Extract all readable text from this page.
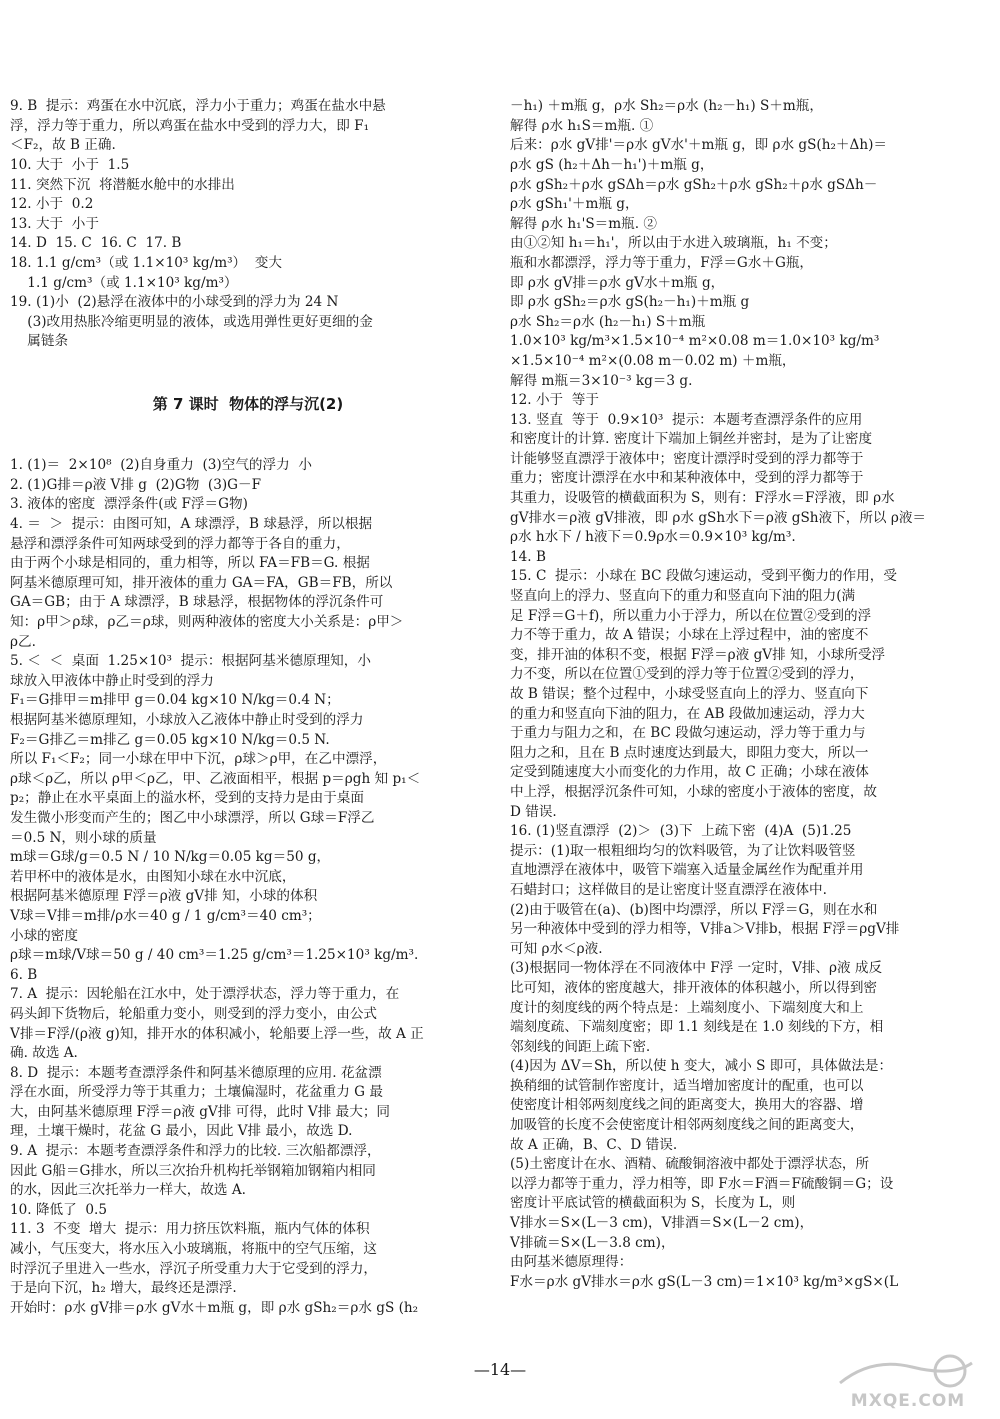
9. B  提示：鸡蛋在水中沉底，浮力小于重力；鸡蛋在盐水中悬
浮，浮力等于重力，所以鸡蛋在盐水中受到的浮力大，即 F₁
＜F₂，故 B 正确.
10. 大于  小于  1.5
11. 突然下沉  将潜艇水舱中的水排出
12. 小于  0.2
13. 大于  小于
14. D  15. C  16. C  17. B
18. 1.1 g/cm³（或 1.1×10³ kg/m³）  变大
1.1 g/cm³（或 1.1×10³ kg/m³）
19. (1)小  (2)悬浮在液体中的小球受到的浮力为 24 N
(3)改用热胀冷缩更明显的液体，或选用弹性更好更细的金
属链条

第 7 课时  物体的浮与沉(2)

1. (1)＝  2×10⁸  (2)自身重力  (3)空气的浮力  小
2. (1)G排＝ρ液 V排 g  (2)G物  (3)G－F
3. 液体的密度  漂浮条件(或 F浮＝G物)
4. ＝  ＞  提示：由图可知，A 球漂浮，B 球悬浮，所以根据
悬浮和漂浮条件可知两球受到的浮力都等于各自的重力，
由于两个小球是相同的，重力相等，所以 FA＝FB＝G. 根据
阿基米德原理可知，排开液体的重力 GA＝FA，GB＝FB，所以
GA＝GB；由于 A 球漂浮，B 球悬浮，根据物体的浮沉条件可
知：ρ甲＞ρ球，ρ乙＝ρ球，则两种液体的密度大小关系是：ρ甲＞
ρ乙.
5. ＜  ＜  桌面  1.25×10³  提示：根据阿基米德原理知，小
球放入甲液体中静止时受到的浮力
F₁＝G排甲＝m排甲 g＝0.04 kg×10 N/kg＝0.4 N；
根据阿基米德原理知，小球放入乙液体中静止时受到的浮力
F₂＝G排乙＝m排乙 g＝0.05 kg×10 N/kg＝0.5 N.
所以 F₁＜F₂；同一小球在甲中下沉，ρ球＞ρ甲，在乙中漂浮，
ρ球＜ρ乙，所以 ρ甲＜ρ乙，甲、乙液面相平，根据 p＝ρgh 知 p₁＜
p₂；静止在水平桌面上的溢水杯，受到的支持力是由于桌面
发生微小形变而产生的；图乙中小球漂浮，所以 G球＝F浮乙
＝0.5 N，则小球的质量
m球＝G球/g＝0.5 N / 10 N/kg＝0.05 kg＝50 g，
若甲杯中的液体是水，由图知小球在水中沉底，
根据阿基米德原理 F浮＝ρ液 gV排 知，小球的体积
V球＝V排＝m排/ρ水＝40 g / 1 g/cm³＝40 cm³；
小球的密度
ρ球＝m球/V球＝50 g / 40 cm³＝1.25 g/cm³＝1.25×10³ kg/m³.
6. B
7. A  提示：因轮船在江水中，处于漂浮状态，浮力等于重力，在
码头卸下货物后，轮船重力变小，则受到的浮力变小，由公式
V排＝F浮/(ρ液 g)知，排开水的体积减小，轮船要上浮一些，故 A 正
确. 故选 A.
8. D  提示：本题考查漂浮条件和阿基米德原理的应用. 花盆漂
浮在水面，所受浮力等于其重力；土壤偏湿时，花盆重力 G 最
大，由阿基米德原理 F浮＝ρ液 gV排 可得，此时 V排 最大；同
理，土壤干燥时，花盆 G 最小，因此 V排 最小，故选 D.
9. A  提示：本题考查漂浮条件和浮力的比较. 三次船都漂浮，
因此 G船＝G排水，所以三次抬升机构托举钢箱加钢箱内相同
的水，因此三次托举力一样大，故选 A.
10. 降低了  0.5
11. 3  不变  增大  提示：用力挤压饮料瓶，瓶内气体的体积
减小，气压变大，将水压入小玻璃瓶，将瓶中的空气压缩，这
时浮沉子里进入一些水，浮沉子所受重力大于它受到的浮力，
于是向下沉，h₂ 增大，最终还是漂浮.
开始时：ρ水 gV排＝ρ水 gV水＋m瓶 g，即 ρ水 gSh₂＝ρ水 gS (h₂

－h₁) ＋m瓶 g，ρ水 Sh₂＝ρ水 (h₂－h₁) S＋m瓶，
解得 ρ水 h₁S＝m瓶. ①
后来：ρ水 gV排'＝ρ水 gV水'＋m瓶 g，即 ρ水 gS(h₂＋Δh)＝
ρ水 gS (h₂＋Δh－h₁')＋m瓶 g，
ρ水 gSh₂＋ρ水 gSΔh＝ρ水 gSh₂＋ρ水 gSh₂＋ρ水 gSΔh－
ρ水 gSh₁'＋m瓶 g，
解得 ρ水 h₁'S＝m瓶. ②
由①②知 h₁＝h₁'，所以由于水进入玻璃瓶，h₁ 不变；
瓶和水都漂浮，浮力等于重力，F浮＝G水＋G瓶，
即 ρ水 gV排＝ρ水 gV水＋m瓶 g，
即 ρ水 gSh₂＝ρ水 gS(h₂－h₁)＋m瓶 g
ρ水 Sh₂＝ρ水 (h₂－h₁) S＋m瓶
1.0×10³ kg/m³×1.5×10⁻⁴ m²×0.08 m＝1.0×10³ kg/m³
×1.5×10⁻⁴ m²×(0.08 m－0.02 m) ＋m瓶，
解得 m瓶＝3×10⁻³ kg＝3 g.
12. 小于  等于
13. 竖直  等于  0.9×10³  提示：本题考查漂浮条件的应用
和密度计的计算. 密度计下端加上铜丝并密封，是为了让密度
计能够竖直漂浮于液体中；密度计漂浮时受到的浮力都等于
重力；密度计漂浮在水中和某种液体中，受到的浮力都等于
其重力，设吸管的横截面积为 S，则有：F浮水＝F浮液，即 ρ水
gV排水＝ρ液 gV排液，即 ρ水 gSh水下＝ρ液 gSh液下，所以 ρ液＝
ρ水 h水下 / h液下＝0.9ρ水＝0.9×10³ kg/m³.
14. B
15. C  提示：小球在 BC 段做匀速运动，受到平衡力的作用，受
竖直向上的浮力、竖直向下的重力和竖直向下油的阻力(满
足 F浮＝G＋f)，所以重力小于浮力，所以在位置②受到的浮
力不等于重力，故 A 错误；小球在上浮过程中，油的密度不
变，排开油的体积不变，根据 F浮＝ρ液 gV排 知，小球所受浮
力不变，所以在位置①受到的浮力等于位置②受到的浮力，
故 B 错误；整个过程中，小球受竖直向上的浮力、竖直向下
的重力和竖直向下油的阻力，在 AB 段做加速运动，浮力大
于重力与阻力之和，在 BC 段做匀速运动，浮力等于重力与
阻力之和，且在 B 点时速度达到最大，即阻力变大，所以一
定受到随速度大小而变化的力作用，故 C 正确；小球在液体
中上浮，根据浮沉条件可知，小球的密度小于液体的密度，故
D 错误.
16. (1)竖直漂浮  (2)＞  (3)下  上疏下密  (4)A  (5)1.25
提示：(1)取一根粗细均匀的饮料吸管，为了让饮料吸管竖
直地漂浮在液体中，吸管下端塞入适量金属丝作为配重并用
石蜡封口；这样做目的是让密度计竖直漂浮在液体中.
(2)由于吸管在(a)、(b)图中均漂浮，所以 F浮＝G，则在水和
另一种液体中受到的浮力相等，V排a＞V排b，根据 F浮＝ρgV排
可知 ρ水＜ρ液.
(3)根据同一物体浮在不同液体中 F浮 一定时，V排、ρ液 成反
比可知，液体的密度越大，排开液体的体积越小，所以得到密
度计的刻度线的两个特点是：上端刻度小、下端刻度大和上
端刻度疏、下端刻度密；即 1.1 刻线是在 1.0 刻线的下方，相
邻刻线的间距上疏下密.
(4)因为 ΔV＝Sh，所以使 h 变大，减小 S 即可，具体做法是：
换稍细的试管制作密度计，适当增加密度计的配重，也可以
使密度计相邻两刻度线之间的距离变大，换用大的容器、增
加吸管的长度不会使密度计相邻两刻度线之间的距离变大，
故 A 正确，B、C、D 错误.
(5)土密度计在水、酒精、硫酸铜溶液中都处于漂浮状态，所
以浮力都等于重力，浮力相等，即 F水＝F酒＝F硫酸铜＝G；设
密度计平底试管的横截面积为 S，长度为 L，则
V排水＝S×(L－3 cm)，V排酒＝S×(L－2 cm)，
V排硫＝S×(L－3.8 cm)，
由阿基米德原理得：
F水＝ρ水 gV排水＝ρ水 gS(L－3 cm)＝1×10³ kg/m³×gS×(L

—14—
MXQE.COM
